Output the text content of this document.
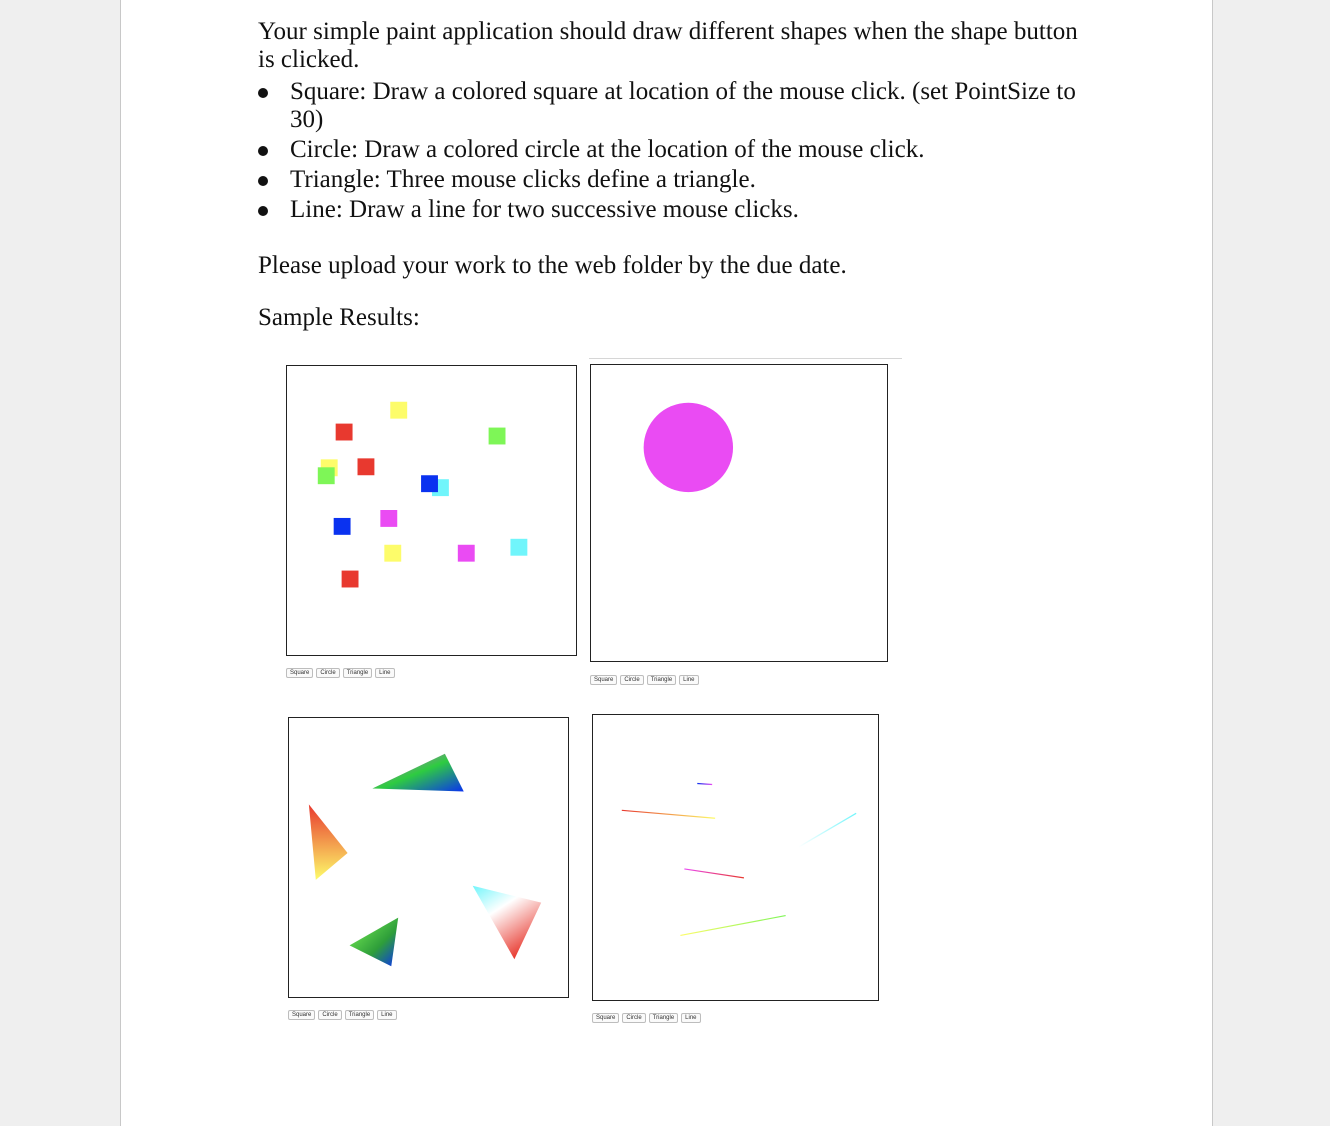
Your simple paint application should draw different shapes when the shape button is clicked.
Square: Draw a colored square at location of the mouse click. (set PointSize to 30)
Circle: Draw a colored circle at the location of the mouse click.
Triangle: Three mouse clicks define a triangle.
Line: Draw a line for two successive mouse clicks.
Please upload your work to the web folder by the due date.
Sample Results:
Square	Circle	Triangle	Line
Square	Circle	Triangle	Line
Square	Circle	Triangle	Line	Square	Circle	Triangle	Line
